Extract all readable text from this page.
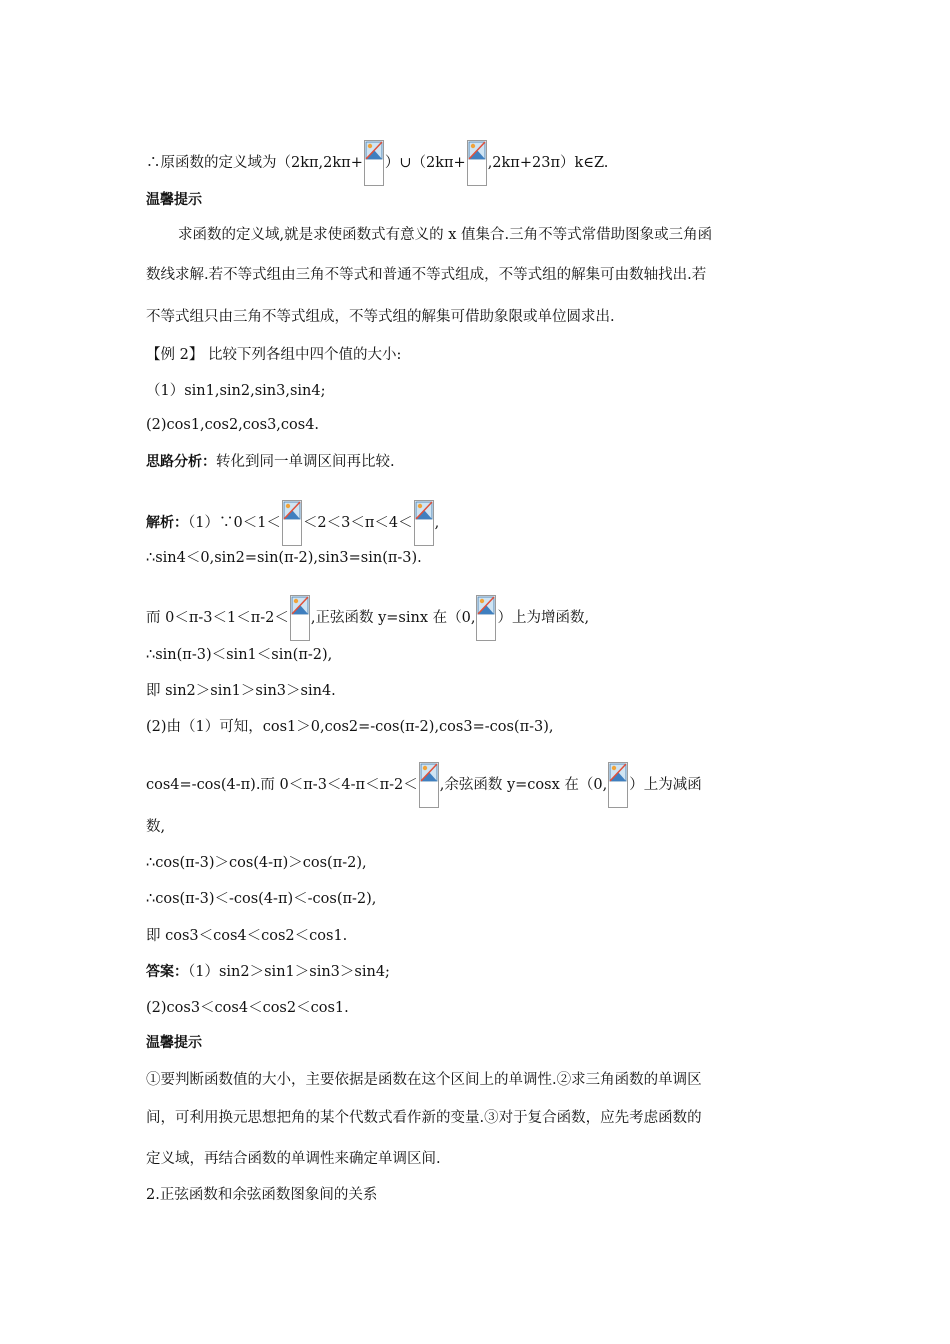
∴原函数的定义域为（2kπ,2kπ+ ）∪（2kπ+ ,2kπ+23π）k∈Z.
温馨提示
求函数的定义域,就是求使函数式有意义的 x 值集合.三角不等式常借助图象或三角函
数线求解.若不等式组由三角不等式和普通不等式组成，不等式组的解集可由数轴找出.若
不等式组只由三角不等式组成，不等式组的解集可借助象限或单位圆求出.
【例 2】 比较下列各组中四个值的大小:
（1）sin1,sin2,sin3,sin4;
(2)cos1,cos2,cos3,cos4.
思路分析：转化到同一单调区间再比较.
解析：（1）∵0＜1＜ ＜2＜3＜π＜4＜ ,
∴sin4＜0,sin2=sin(π-2),sin3=sin(π-3).
而 0＜π-3＜1＜π-2＜ ,正弦函数 y=sinx 在（0, ）上为增函数,
∴sin(π-3)＜sin1＜sin(π-2),
即 sin2＞sin1＞sin3＞sin4.
(2)由（1）可知，cos1＞0,cos2=-cos(π-2),cos3=-cos(π-3),
cos4=-cos(4-π).而 0＜π-3＜4-π＜π-2＜ ,余弦函数 y=cosx 在（0, ）上为减函
数,
∴cos(π-3)＞cos(4-π)＞cos(π-2),
∴cos(π-3)＜-cos(4-π)＜-cos(π-2),
即 cos3＜cos4＜cos2＜cos1.
答案：（1）sin2＞sin1＞sin3＞sin4;
(2)cos3＜cos4＜cos2＜cos1.
温馨提示
①要判断函数值的大小，主要依据是函数在这个区间上的单调性.②求三角函数的单调区
间，可利用换元思想把角的某个代数式看作新的变量.③对于复合函数，应先考虑函数的
定义域，再结合函数的单调性来确定单调区间.
2.正弦函数和余弦函数图象间的关系
